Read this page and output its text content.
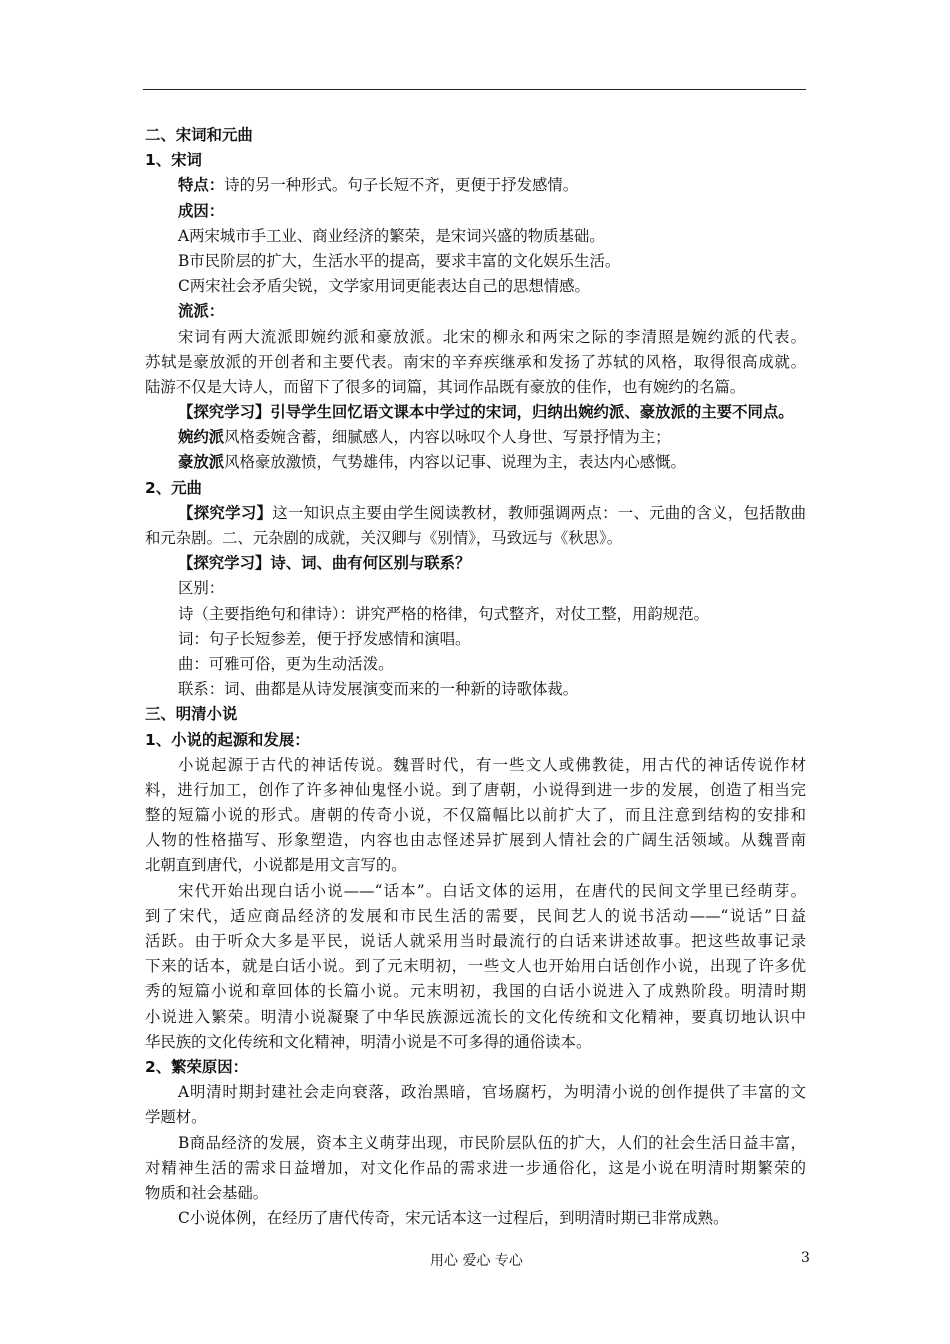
二、宋词和元曲
1、宋词
特点：诗的另一种形式。句子长短不齐，更便于抒发感情。
成因：
A两宋城市手工业、商业经济的繁荣，是宋词兴盛的物质基础。
B市民阶层的扩大，生活水平的提高，要求丰富的文化娱乐生活。
C两宋社会矛盾尖锐，文学家用词更能表达自己的思想情感。
流派：
宋词有两大流派即婉约派和豪放派。北宋的柳永和两宋之际的李清照是婉约派的代表。
苏轼是豪放派的开创者和主要代表。南宋的辛弃疾继承和发扬了苏轼的风格，取得很高成就。
陆游不仅是大诗人，而留下了很多的词篇，其词作品既有豪放的佳作，也有婉约的名篇。
【探究学习】引导学生回忆语文课本中学过的宋词，归纳出婉约派、豪放派的主要不同点。
婉约派风格委婉含蓄，细腻感人，内容以咏叹个人身世、写景抒情为主；
豪放派风格豪放激愤，气势雄伟，内容以记事、说理为主，表达内心感慨。
2、元曲
【探究学习】这一知识点主要由学生阅读教材，教师强调两点：一、元曲的含义，包括散曲
和元杂剧。二、元杂剧的成就，关汉卿与《别情》，马致远与《秋思》。
【探究学习】诗、词、曲有何区别与联系？
区别：
诗（主要指绝句和律诗）：讲究严格的格律，句式整齐，对仗工整，用韵规范。
词：句子长短参差，便于抒发感情和演唱。
曲：可雅可俗，更为生动活泼。
联系：词、曲都是从诗发展演变而来的一种新的诗歌体裁。
三、明清小说
1、小说的起源和发展：
小说起源于古代的神话传说。魏晋时代，有一些文人或佛教徒，用古代的神话传说作材
料，进行加工，创作了许多神仙鬼怪小说。到了唐朝，小说得到进一步的发展，创造了相当完
整的短篇小说的形式。唐朝的传奇小说，不仅篇幅比以前扩大了，而且注意到结构的安排和
人物的性格描写、形象塑造，内容也由志怪述异扩展到人情社会的广阔生活领域。从魏晋南
北朝直到唐代，小说都是用文言写的。
宋代开始出现白话小说——“话本”。白话文体的运用，在唐代的民间文学里已经萌芽。
到了宋代，适应商品经济的发展和市民生活的需要，民间艺人的说书活动——“说话”日益
活跃。由于听众大多是平民，说话人就采用当时最流行的白话来讲述故事。把这些故事记录
下来的话本，就是白话小说。到了元末明初，一些文人也开始用白话创作小说，出现了许多优
秀的短篇小说和章回体的长篇小说。元末明初，我国的白话小说进入了成熟阶段。明清时期
小说进入繁荣。明清小说凝聚了中华民族源远流长的文化传统和文化精神，要真切地认识中
华民族的文化传统和文化精神，明清小说是不可多得的通俗读本。
2、繁荣原因：
A明清时期封建社会走向衰落，政治黑暗，官场腐朽，为明清小说的创作提供了丰富的文
学题材。
B商品经济的发展，资本主义萌芽出现，市民阶层队伍的扩大，人们的社会生活日益丰富，
对精神生活的需求日益增加，对文化作品的需求进一步通俗化，这是小说在明清时期繁荣的
物质和社会基础。
C小说体例，在经历了唐代传奇，宋元话本这一过程后，到明清时期已非常成熟。
用心 爱心 专心	3
